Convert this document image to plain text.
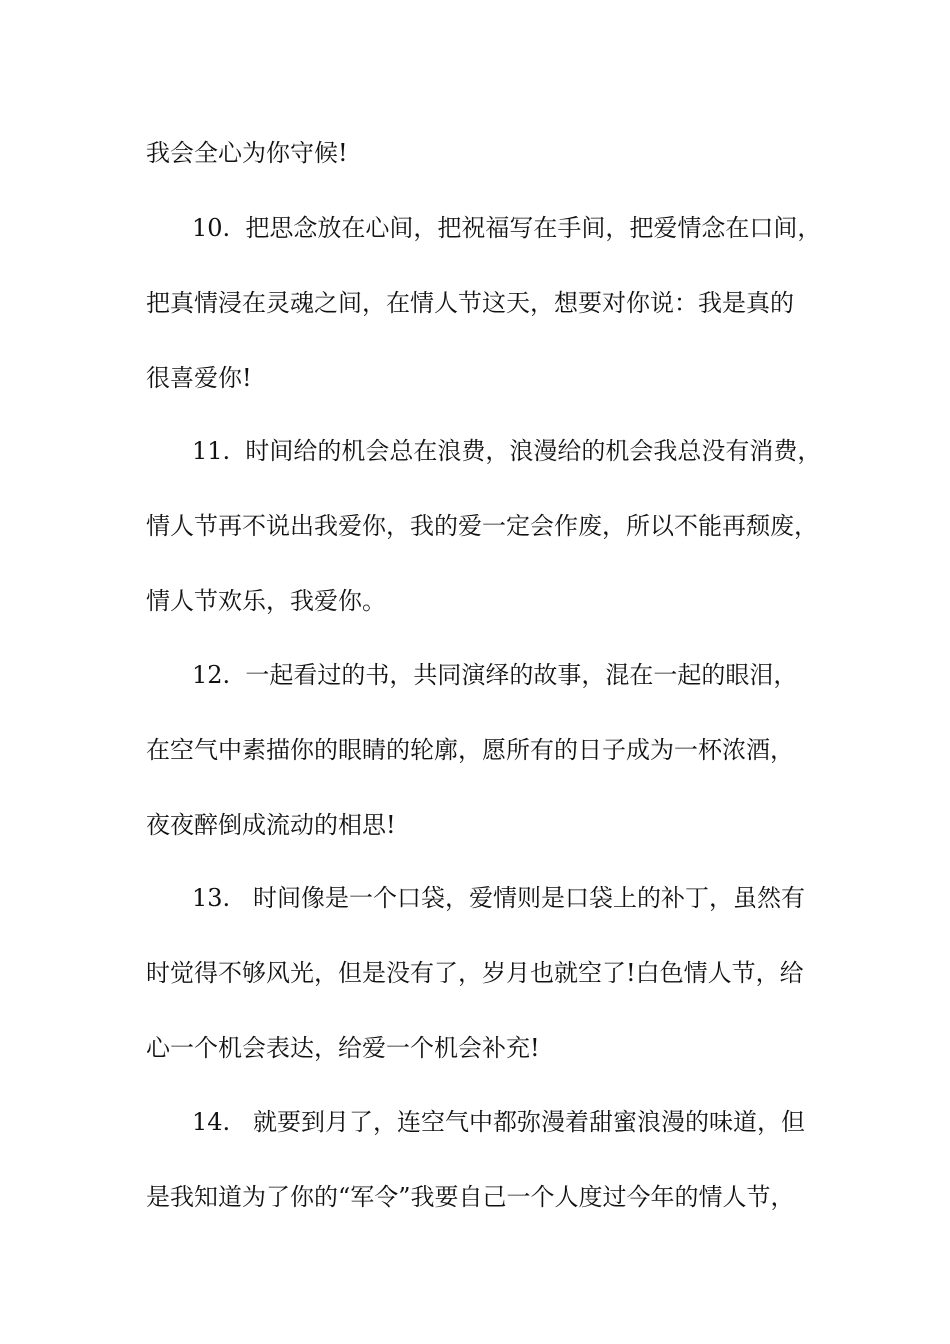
我会全心为你守候!
10.  把思念放在心间，把祝福写在手间，把爱情念在口间，
把真情浸在灵魂之间，在情人节这天，想要对你说：我是真的
很喜爱你!
11.  时间给的机会总在浪费，浪漫给的机会我总没有消费，
情人节再不说出我爱你，我的爱一定会作废，所以不能再颓废，
情人节欢乐，我爱你。
12.  一起看过的书，共同演绎的故事，混在一起的眼泪，
在空气中素描你的眼睛的轮廓，愿所有的日子成为一杯浓酒，
夜夜醉倒成流动的相思!
13.   时间像是一个口袋，爱情则是口袋上的补丁，虽然有
时觉得不够风光，但是没有了，岁月也就空了!白色情人节，给
心一个机会表达，给爱一个机会补充!
14.   就要到月了，连空气中都弥漫着甜蜜浪漫的味道，但
是我知道为了你的“军令”我要自己一个人度过今年的情人节，
